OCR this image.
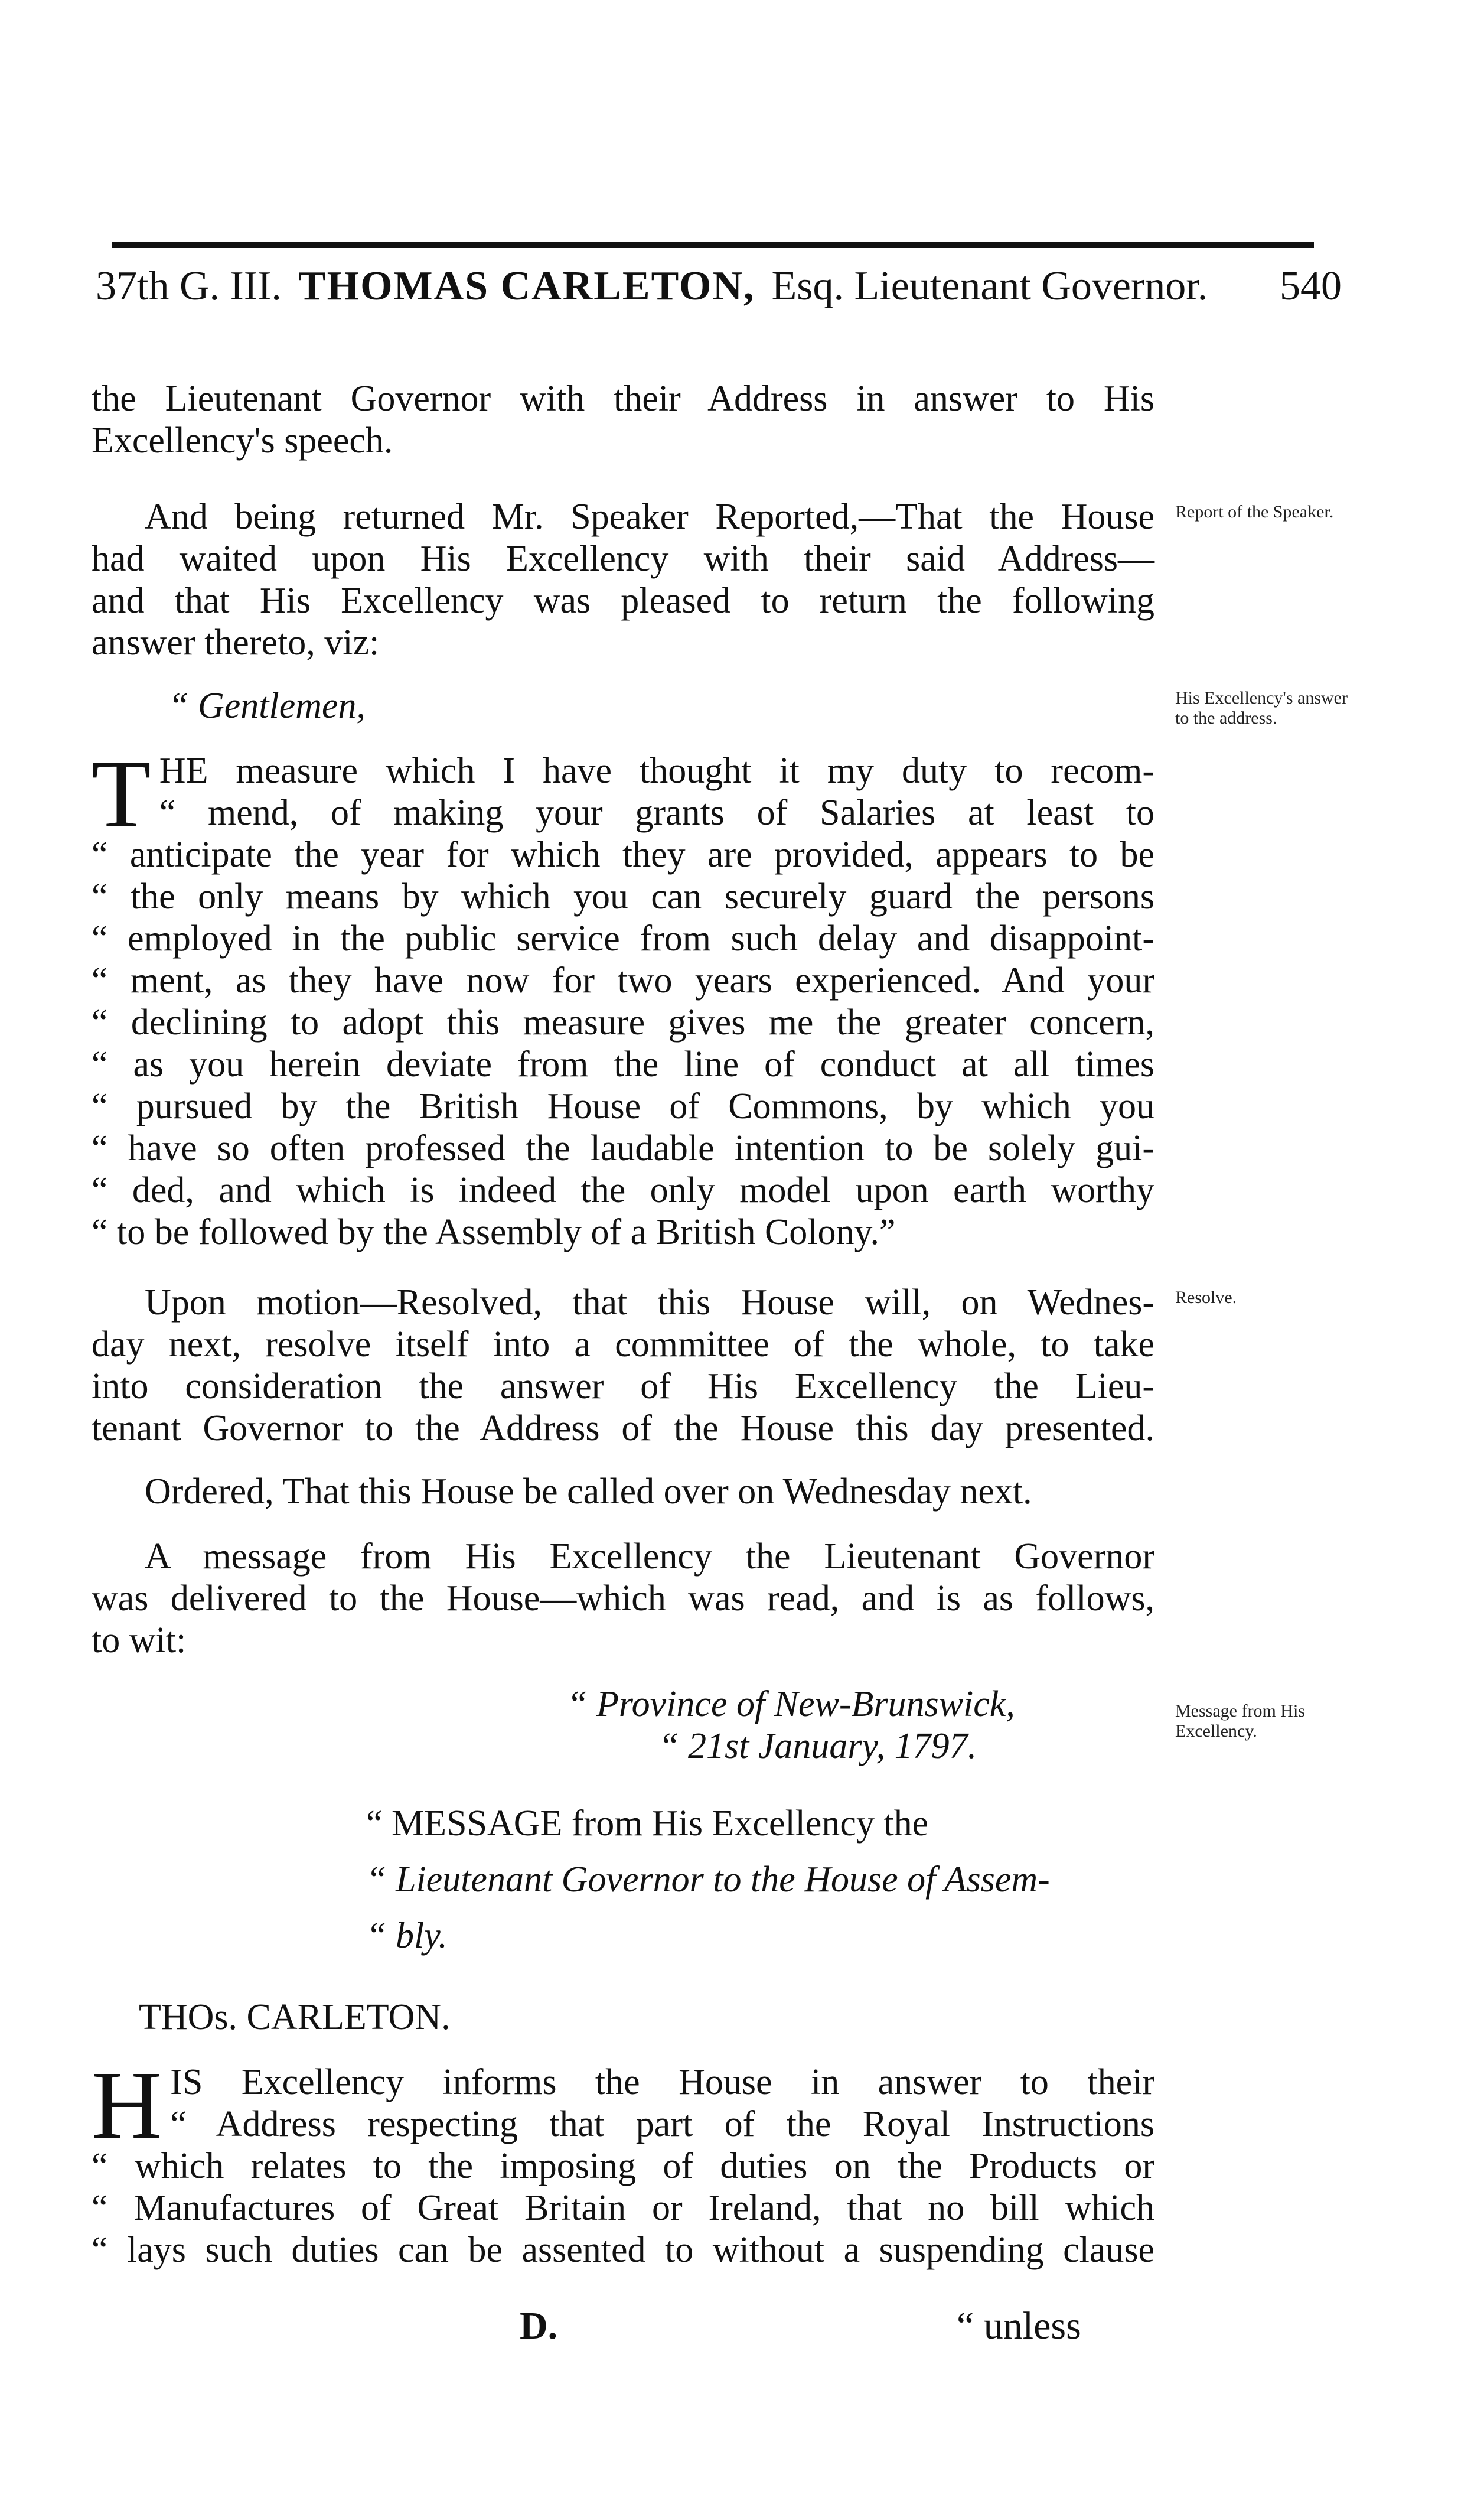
37th G. III. THOMAS CARLETON, Esq. Lieutenant Governor. 540
the Lieutenant Governor with their Address in answer to His
Excellency's speech.
And being returned Mr. Speaker Reported,—That the House
had waited upon His Excellency with their said Address—
and that His Excellency was pleased to return the following
answer thereto, viz:
Report of the Speaker.
“ Gentlemen,	His Excellency's answer to the address.
T HE measure which I have thought it my duty to recom-
“ mend, of making your grants of Salaries at least to
“ anticipate the year for which they are provided, appears to be
“ the only means by which you can securely guard the persons
“ employed in the public service from such delay and disappoint-
“ ment, as they have now for two years experienced. And your
“ declining to adopt this measure gives me the greater concern,
“ as you herein deviate from the line of conduct at all times
“ pursued by the British House of Commons, by which you
“ have so often professed the laudable intention to be solely gui-
“ ded, and which is indeed the only model upon earth worthy
“ to be followed by the Assembly of a British Colony.”
Upon motion—Resolved, that this House will, on Wednes-
day next, resolve itself into a committee of the whole, to take
into consideration the answer of His Excellency the Lieu-
tenant Governor to the Address of the House this day presented.
Resolve.
Ordered, That this House be called over on Wednesday next.
A message from His Excellency the Lieutenant Governor
was delivered to the House—which was read, and is as follows,
to wit:
“ Province of New-Brunswick,
“ 21st January, 1797.
Message from His Excellency.
“ MESSAGE from His Excellency the
“ Lieutenant Governor to the House of Assem-
“ bly.
THOs. CARLETON.
H IS Excellency informs the House in answer to their
“ Address respecting that part of the Royal Instructions
“ which relates to the imposing of duties on the Products or
“ Manufactures of Great Britain or Ireland, that no bill which
“ lays such duties can be assented to without a suspending clause
D.	“ unless
